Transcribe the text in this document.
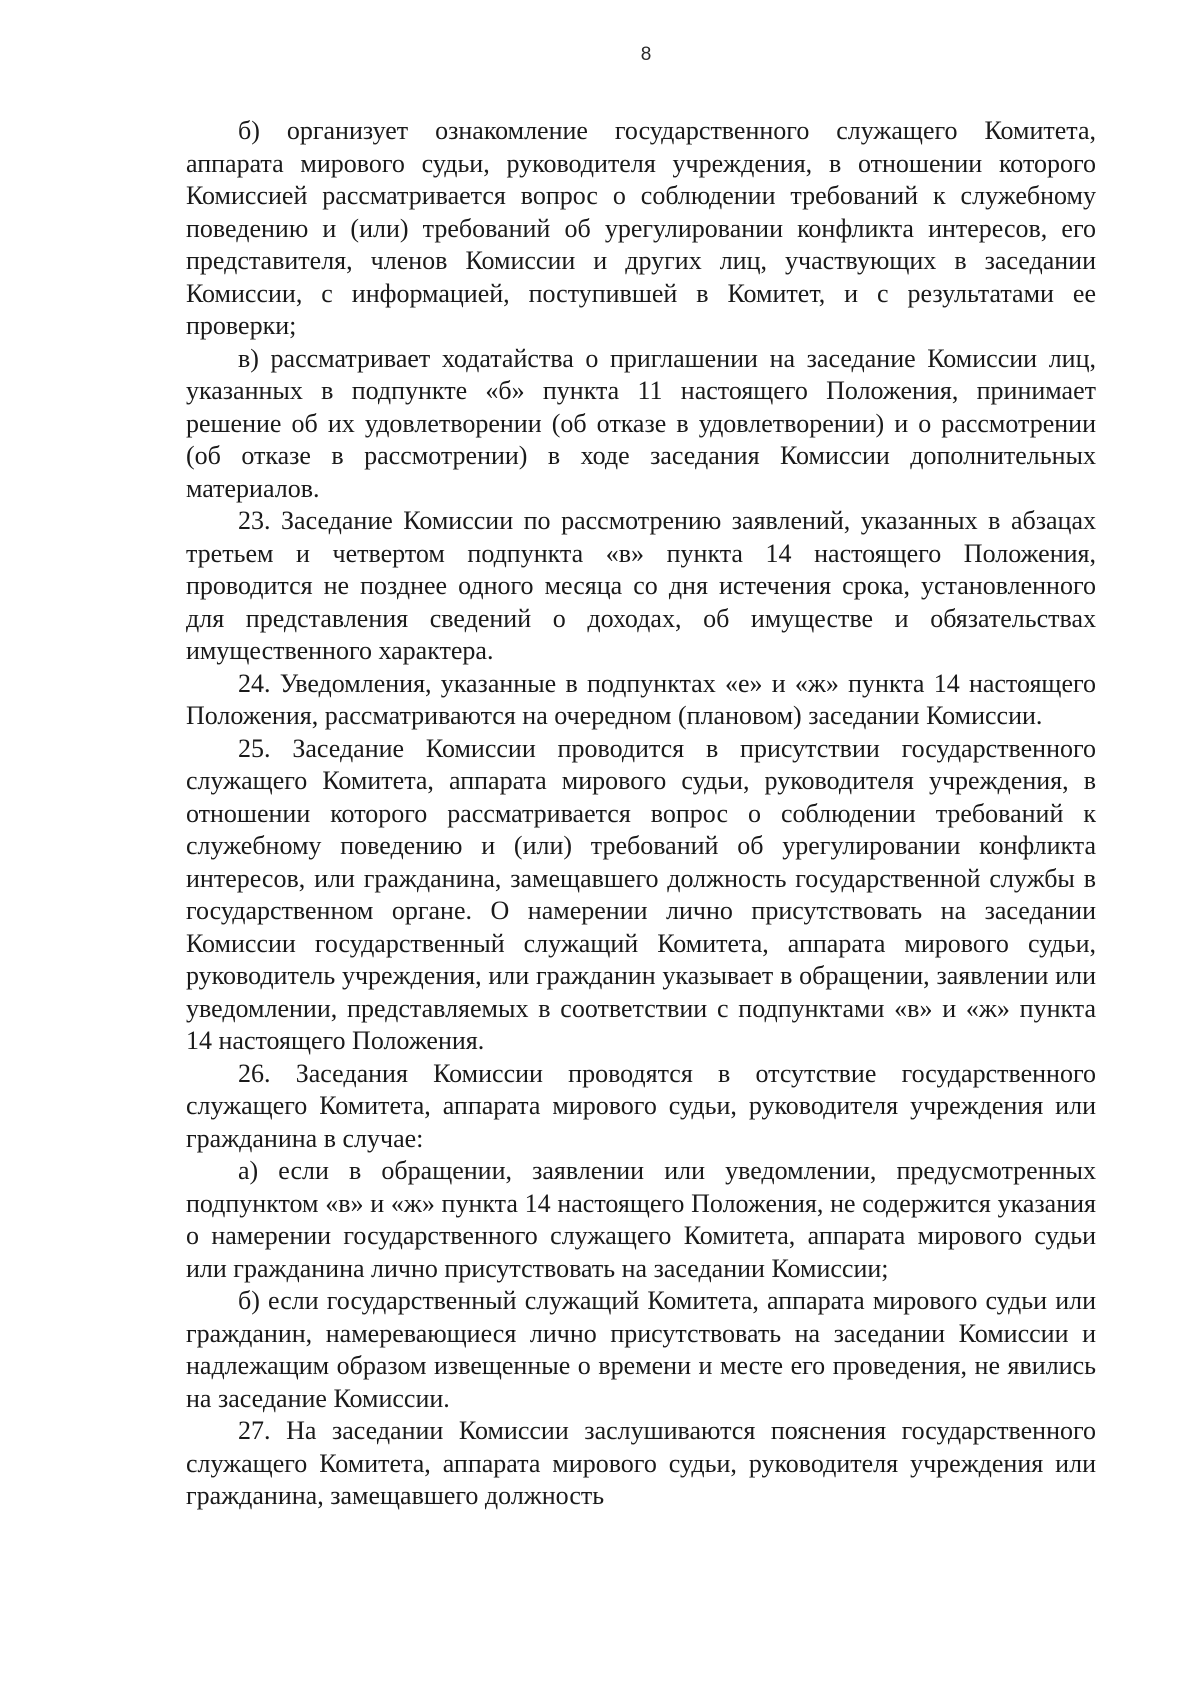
8

б) организует ознакомление государственного служащего Комитета, аппарата мирового судьи, руководителя учреждения, в отношении которого Комиссией рассматривается вопрос о соблюдении требований к служебному поведению и (или) требований об урегулировании конфликта интересов, его представителя, членов Комиссии и других лиц, участвующих в заседании Комиссии, с информацией, поступившей в Комитет, и с результатами ее проверки;

в) рассматривает ходатайства о приглашении на заседание Комиссии лиц, указанных в подпункте «б» пункта 11 настоящего Положения, принимает решение об их удовлетворении (об отказе в удовлетворении) и о рассмотрении (об отказе в рассмотрении) в ходе заседания Комиссии дополнительных материалов.

23. Заседание Комиссии по рассмотрению заявлений, указанных в абзацах третьем и четвертом подпункта «в» пункта 14 настоящего Положения, проводится не позднее одного месяца со дня истечения срока, установленного для представления сведений о доходах, об имуществе и обязательствах имущественного характера.

24. Уведомления, указанные в подпунктах «е» и «ж» пункта 14 настоящего Положения, рассматриваются на очередном (плановом) заседании Комиссии.

25. Заседание Комиссии проводится в присутствии государственного служащего Комитета, аппарата мирового судьи, руководителя учреждения, в отношении которого рассматривается вопрос о соблюдении требований к служебному поведению и (или) требований об урегулировании конфликта интересов, или гражданина, замещавшего должность государственной службы в государственном органе. О намерении лично присутствовать на заседании Комиссии государственный служащий Комитета, аппарата мирового судьи, руководитель учреждения, или гражданин указывает в обращении, заявлении или уведомлении, представляемых в соответствии с подпунктами «в» и «ж» пункта 14 настоящего Положения.

26. Заседания Комиссии проводятся в отсутствие государственного служащего Комитета, аппарата мирового судьи, руководителя учреждения или гражданина в случае:

а) если в обращении, заявлении или уведомлении, предусмотренных подпунктом «в» и «ж» пункта 14 настоящего Положения, не содержится указания о намерении государственного служащего Комитета, аппарата мирового судьи или гражданина лично присутствовать на заседании Комиссии;

б) если государственный служащий Комитета, аппарата мирового судьи или гражданин, намеревающиеся лично присутствовать на заседании Комиссии и надлежащим образом извещенные о времени и месте его проведения, не явились на заседание Комиссии.

27. На заседании Комиссии заслушиваются пояснения государственного служащего Комитета, аппарата мирового судьи, руководителя учреждения или гражданина, замещавшего должность
